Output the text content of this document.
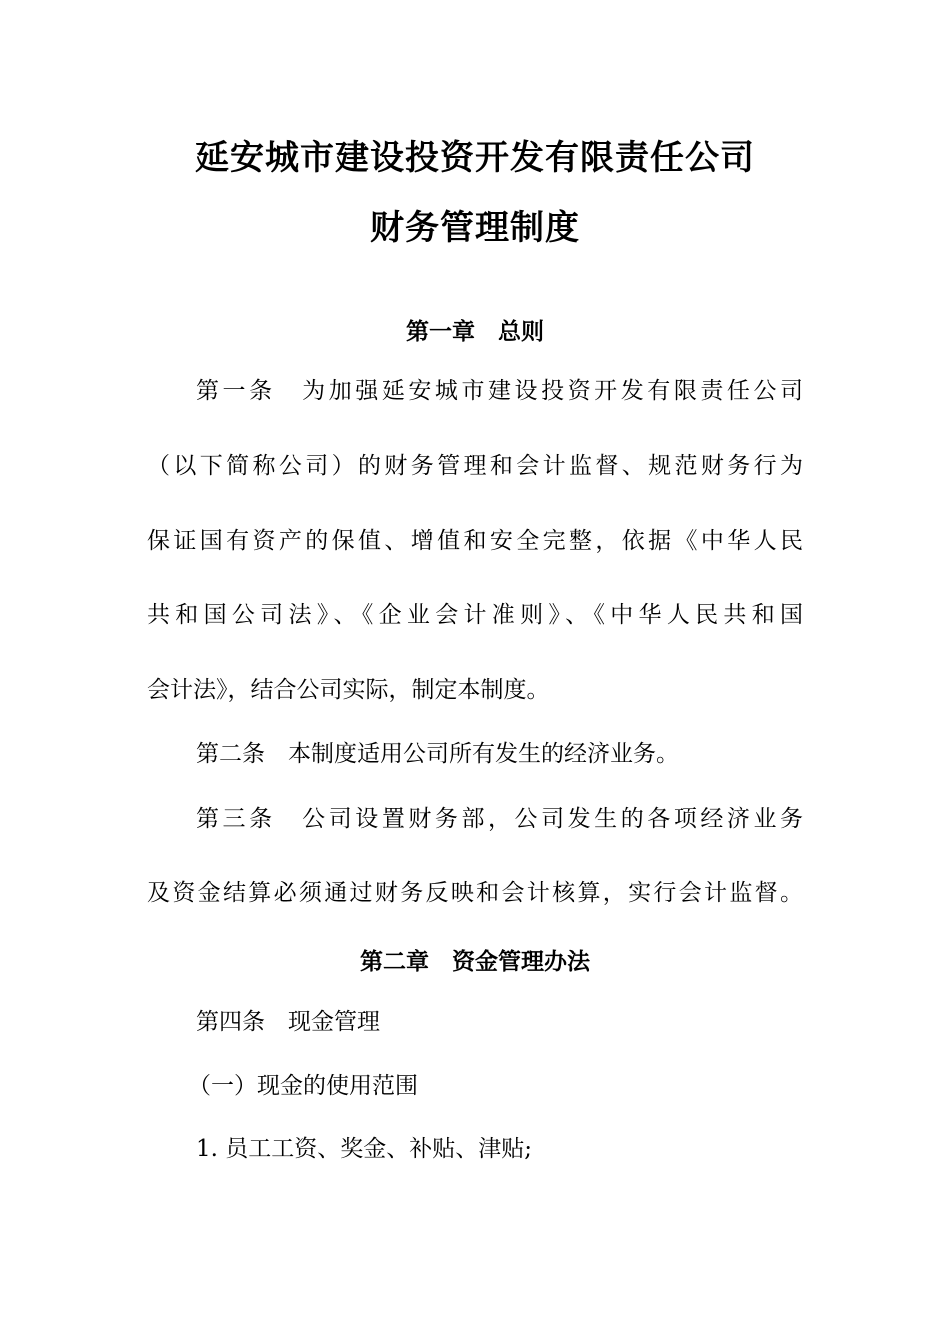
延安城市建设投资开发有限责任公司
财务管理制度
第一章　总则
第一条　为加强延安城市建设投资开发有限责任公司
（以下简称公司）的财务管理和会计监督、规范财务行为
保证国有资产的保值、增值和安全完整，依据《中华人民
共和国公司法》、《企业会计准则》、《中华人民共和国
会计法》，结合公司实际，制定本制度。
第二条　本制度适用公司所有发生的经济业务。
第三条　公司设置财务部，公司发生的各项经济业务
及资金结算必须通过财务反映和会计核算，实行会计监督。
第二章　资金管理办法
第四条　现金管理
（一）现金的使用范围
1. 员工工资、奖金、补贴、津贴;
